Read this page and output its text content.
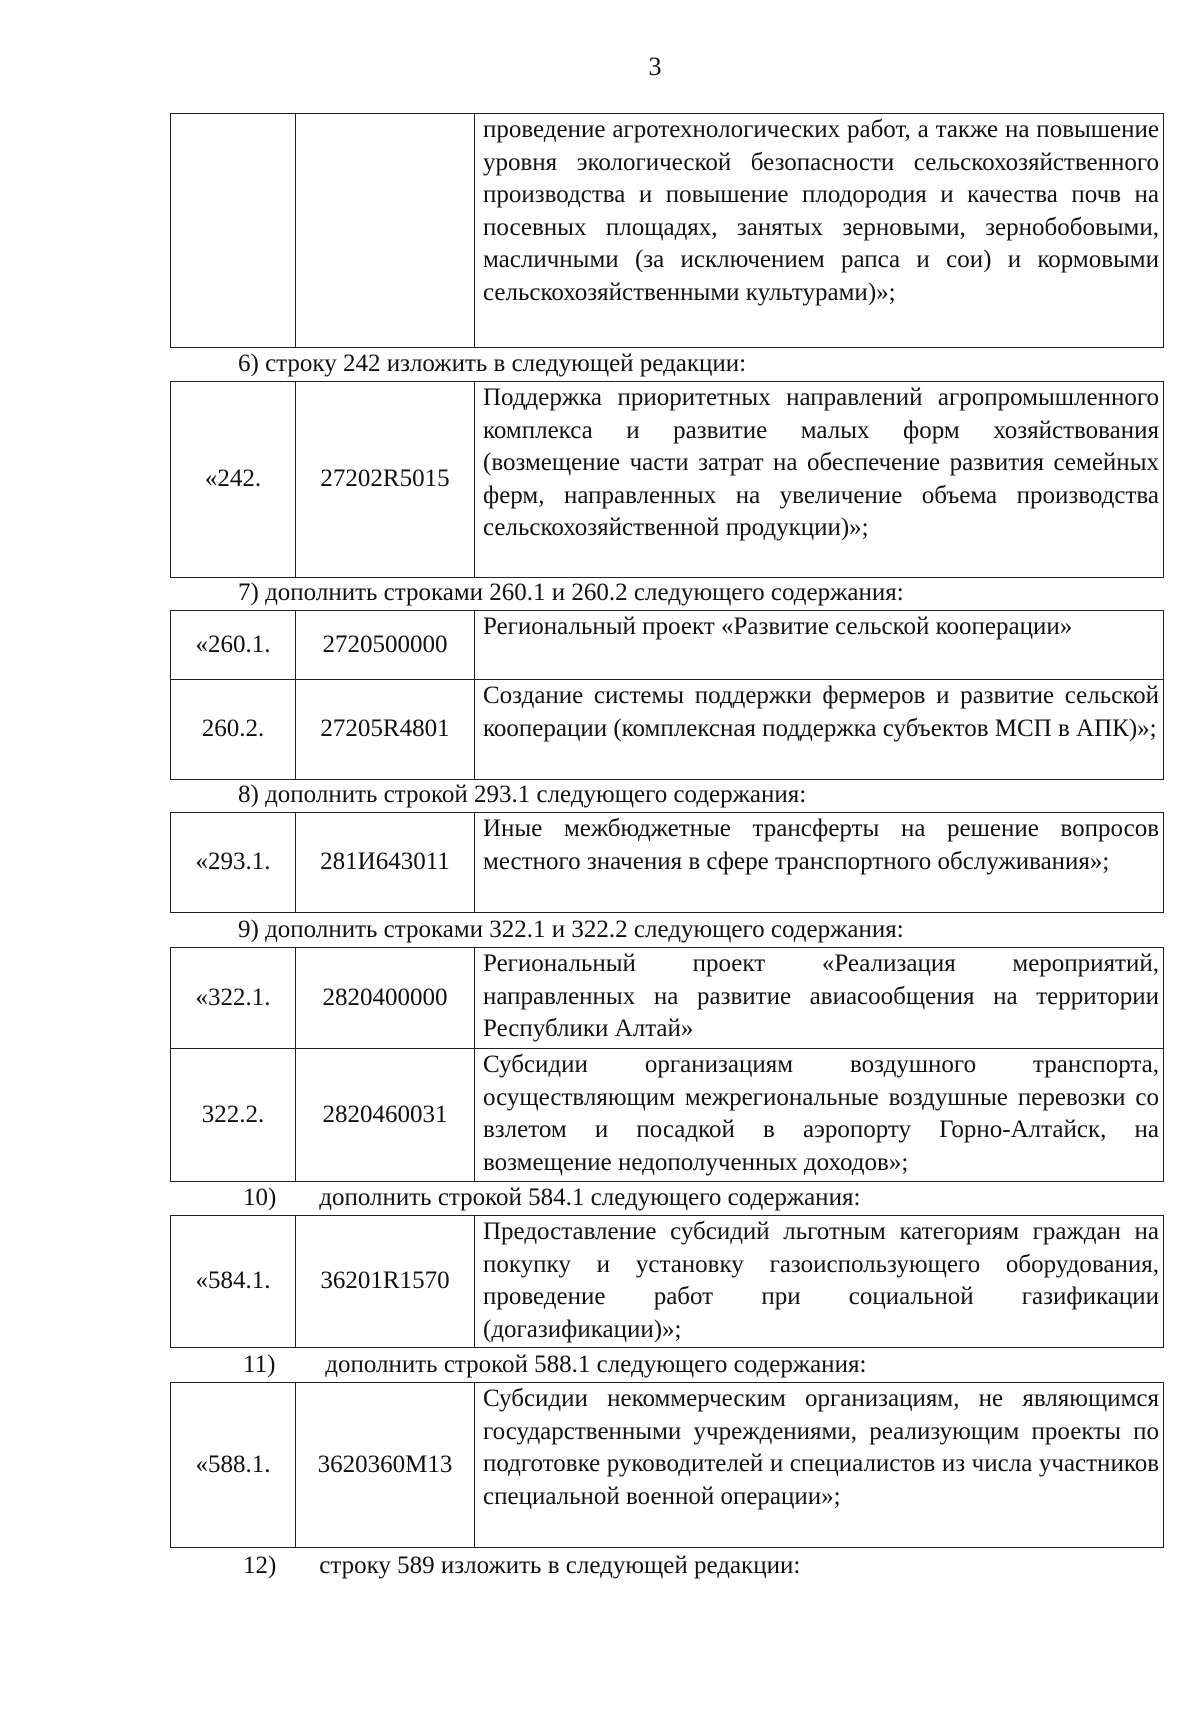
3
		проведение агротехнологических работ, а также на повышение уровня экологической безопасности сельскохозяйственного производства и повышение плодородия и качества почв на посевных площадях, занятых зерновыми, зернобобовыми, масличными (за исключением рапса и сои) и кормовыми сельскохозяйственными культурами)»;
6) строку 242 изложить в следующей редакции:
«242.	27202R5015	Поддержка приоритетных направлений агропромышленного комплекса и развитие малых форм хозяйствования (возмещение части затрат на обеспечение развития семейных ферм, направленных на увеличение объема производства сельскохозяйственной продукции)»;
7) дополнить строками 260.1 и 260.2 следующего содержания:
«260.1.	2720500000	Региональный проект «Развитие сельской кооперации»
260.2.	27205R4801	Создание системы поддержки фермеров и развитие сельской кооперации (комплексная поддержка субъектов МСП в АПК)»;
8) дополнить строкой 293.1 следующего содержания:
«293.1.	281И643011	Иные межбюджетные трансферты на решение вопросов местного значения в сфере транспортного обслуживания»;
9) дополнить строками 322.1 и 322.2 следующего содержания:
«322.1.	2820400000	Региональный проект «Реализация мероприятий, направленных на развитие авиасообщения на территории Республики Алтай»
322.2.	2820460031	Субсидии организациям воздушного транспорта, осуществляющим межрегиональные воздушные перевозки со взлетом и посадкой в аэропорту Горно-Алтайск, на возмещение недополученных доходов»;
10) дополнить строкой 584.1 следующего содержания:
«584.1.	36201R1570	Предоставление субсидий льготным категориям граждан на покупку и установку газоиспользующего оборудования, проведение работ при социальной газификации (догазификации)»;
11) дополнить строкой 588.1 следующего содержания:
«588.1.	3620360М13	Субсидии некоммерческим организациям, не являющимся государственными учреждениями, реализующим проекты по подготовке руководителей и специалистов из числа участников специальной военной операции»;
12) строку 589 изложить в следующей редакции:
